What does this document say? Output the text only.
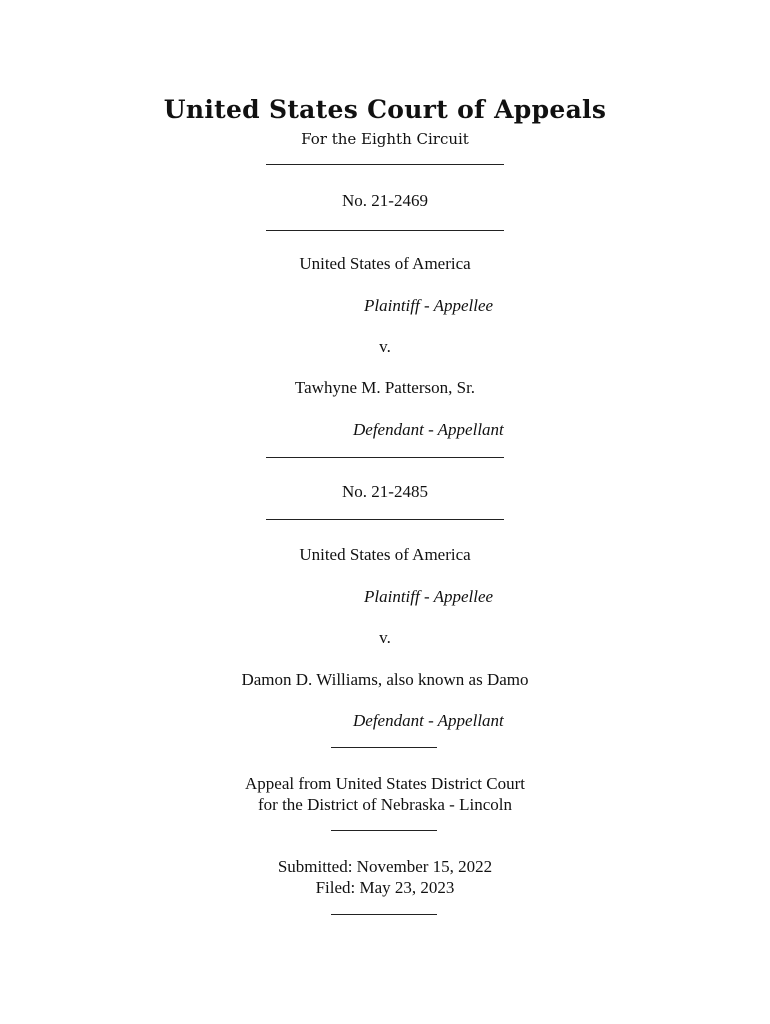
United States Court of Appeals
For the Eighth Circuit
No. 21-2469
United States of America
Plaintiff - Appellee
v.
Tawhyne M. Patterson, Sr.
Defendant - Appellant
No. 21-2485
United States of America
Plaintiff - Appellee
v.
Damon D. Williams, also known as Damo
Defendant - Appellant
Appeal from United States District Court
for the District of Nebraska - Lincoln
Submitted: November 15, 2022
Filed: May 23, 2023
